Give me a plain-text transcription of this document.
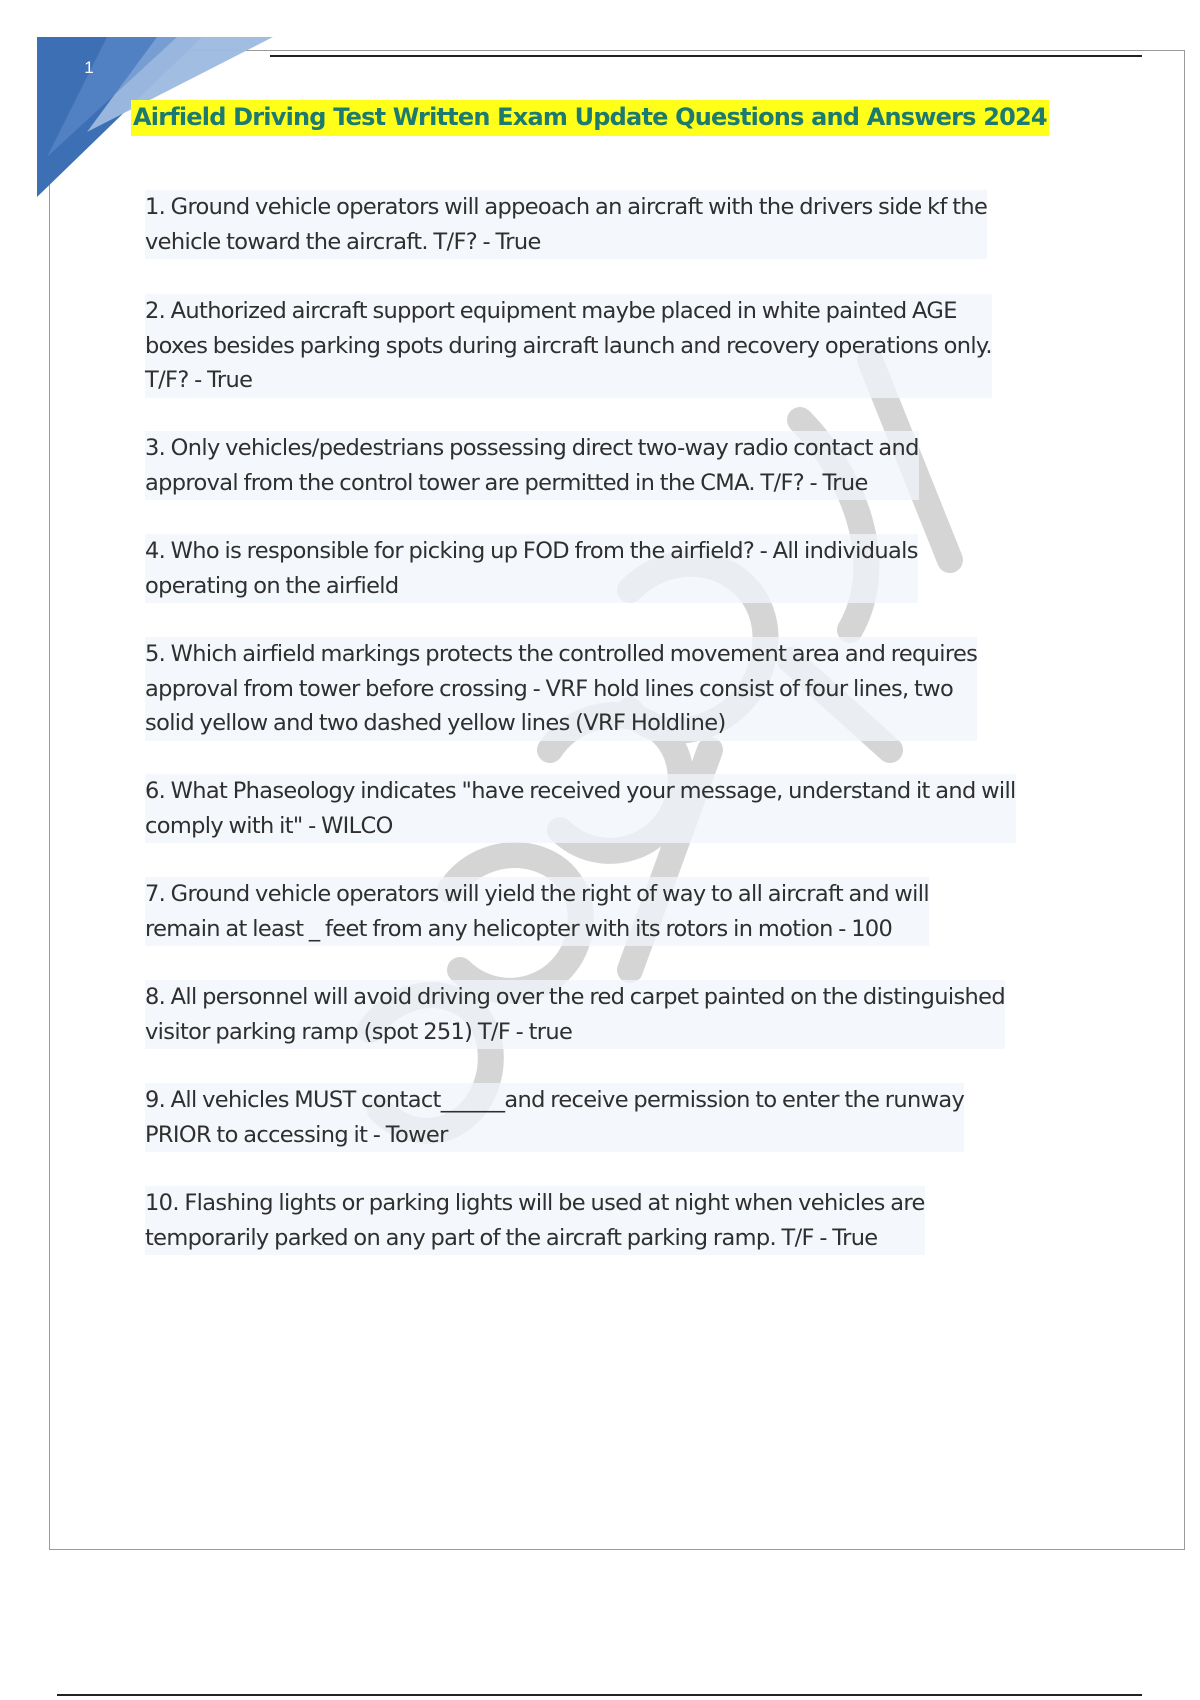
1
Airfield Driving Test Written Exam Update Questions and Answers 2024
1. Ground vehicle operators will appeoach an aircraft with the drivers side kf the
vehicle toward the aircraft. T/F? - True
2. Authorized aircraft support equipment maybe placed in white painted AGE
boxes besides parking spots during aircraft launch and recovery operations only.
T/F? - True
3. Only vehicles/pedestrians possessing direct two-way radio contact and
approval from the control tower are permitted in the CMA. T/F? - True
4. Who is responsible for picking up FOD from the airfield? - All individuals
operating on the airfield
5. Which airfield markings protects the controlled movement area and requires
approval from tower before crossing - VRF hold lines consist of four lines, two
solid yellow and two dashed yellow lines (VRF Holdline)
6. What Phaseology indicates "have received your message, understand it and will
comply with it" - WILCO
7. Ground vehicle operators will yield the right of way to all aircraft and will
remain at least _ feet from any helicopter with its rotors in motion - 100
8. All personnel will avoid driving over the red carpet painted on the distinguished
visitor parking ramp (spot 251) T/F - true
9. All vehicles MUST contact______and receive permission to enter the runway
PRIOR to accessing it - Tower
10. Flashing lights or parking lights will be used at night when vehicles are
temporarily parked on any part of the aircraft parking ramp. T/F - True
